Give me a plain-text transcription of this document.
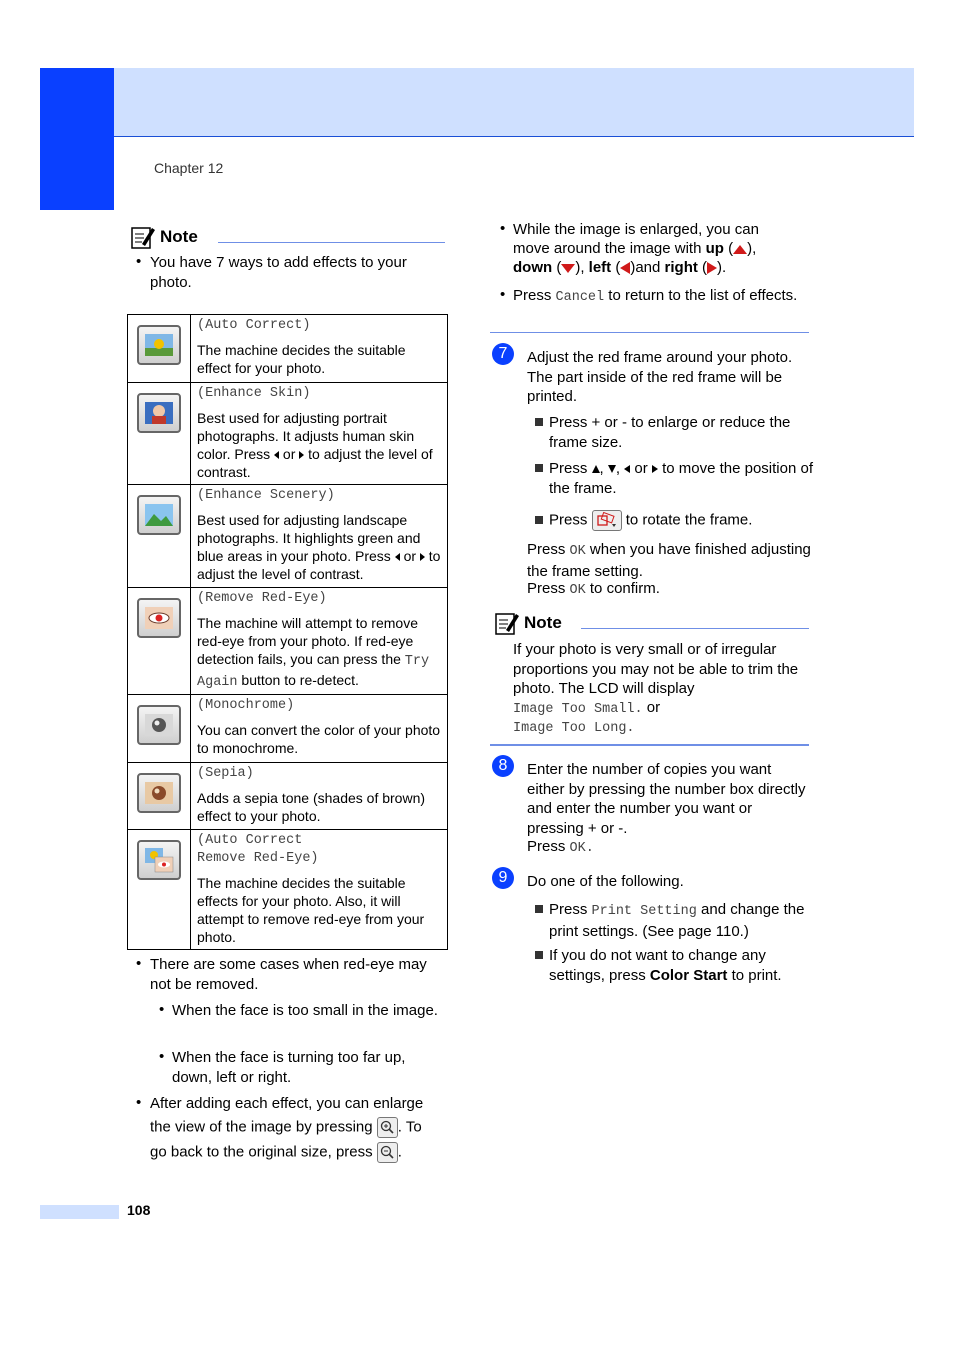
Chapter 12
Note
• You have 7 ways to add effects to your photo.

(Auto Correct)
The machine decides the suitable effect for your photo.

(Enhance Skin)
Best used for adjusting portrait photographs. It adjusts human skin color. Press or to adjust the level of contrast.

(Enhance Scenery)
Best used for adjusting landscape photographs. It highlights green and blue areas in your photo. Press or to adjust the level of contrast.

(Remove Red-Eye)
The machine will attempt to remove red-eye from your photo. If red-eye detection fails, you can press the Try Again button to re-detect.

(Monochrome)
You can convert the color of your photo to monochrome.

(Sepia)
Adds a sepia tone (shades of brown) effect to your photo.

(Auto Correct
Remove Red-Eye)
The machine decides the suitable effects for your photo. Also, it will attempt to remove red-eye from your photo.
• There are some cases when red-eye may not be removed.
• When the face is too small in the image.
• When the face is turning too far up, down, left or right.
• After adding each effect, you can enlarge
the view of the image by pressing . To
go back to the original size, press .
• While the image is enlarged, you can
move around the image with up ( ),
down ( ), left ( )and right ( ).
• Press Cancel to return to the list of effects.
7	Adjust the red frame around your photo. The part inside of the red frame will be printed.
Press + or - to enlarge or reduce the frame size.
Press , ,  or  to move the position of the frame.
Press	to rotate the frame.
Press OK when you have finished adjusting the frame setting.
Press OK to confirm.
Note
If your photo is very small or of irregular proportions you may not be able to trim the photo. The LCD will display
Image Too Small. or
Image Too Long.
8	Enter the number of copies you want either by pressing the number box directly and enter the number you want or pressing + or -.
Press OK.
9	Do one of the following.
Press Print Setting and change the print settings. (See page 110.)
If you do not want to change any settings, press Color Start to print.
108
